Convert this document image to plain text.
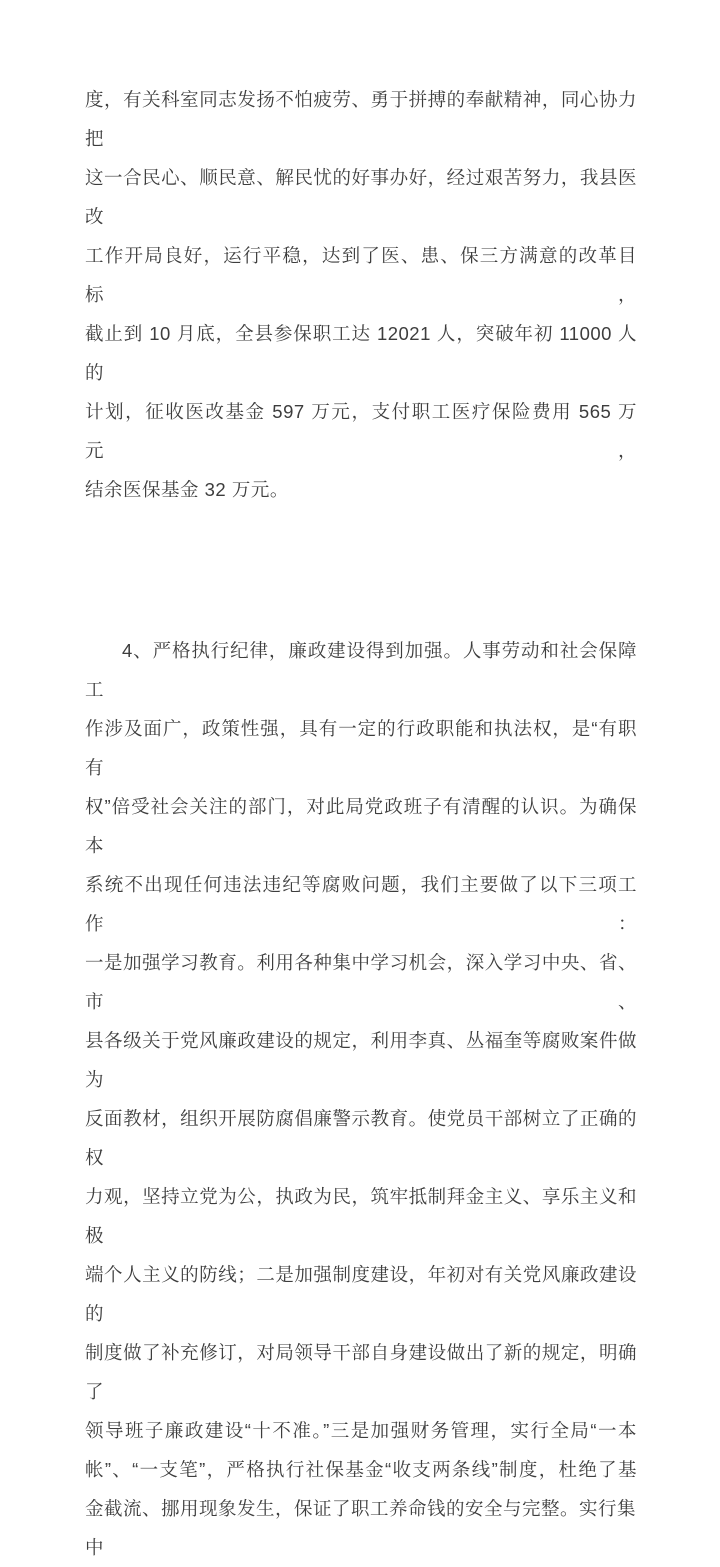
度，有关科室同志发扬不怕疲劳、勇于拼搏的奉献精神，同心协力把
这一合民心、顺民意、解民忧的好事办好，经过艰苦努力，我县医改
工作开局良好，运行平稳，达到了医、患、保三方满意的改革目标，
截止到 10 月底，全县参保职工达 12021 人，突破年初 11000 人的
计划，征收医改基金 597 万元，支付职工医疗保险费用 565 万元，
结余医保基金 32 万元。
4、严格执行纪律，廉政建设得到加强。人事劳动和社会保障工
作涉及面广，政策性强，具有一定的行政职能和执法权，是“有职有
权”倍受社会关注的部门，对此局党政班子有清醒的认识。为确保本
系统不出现任何违法违纪等腐败问题，我们主要做了以下三项工作：
一是加强学习教育。利用各种集中学习机会，深入学习中央、省、市、
县各级关于党风廉政建设的规定，利用李真、丛福奎等腐败案件做为
反面教材，组织开展防腐倡廉警示教育。使党员干部树立了正确的权
力观，坚持立党为公，执政为民，筑牢抵制拜金主义、享乐主义和极
端个人主义的防线；二是加强制度建设，年初对有关党风廉政建设的
制度做了补充修订，对局领导干部自身建设做出了新的规定，明确了
领导班子廉政建设“十不准。”三是加强财务管理，实行全局“一本
帐”、“一支笔”，严格执行社保基金“收支两条线”制度，杜绝了基
金截流、挪用现象发生，保证了职工养命钱的安全与完整。实行集中
